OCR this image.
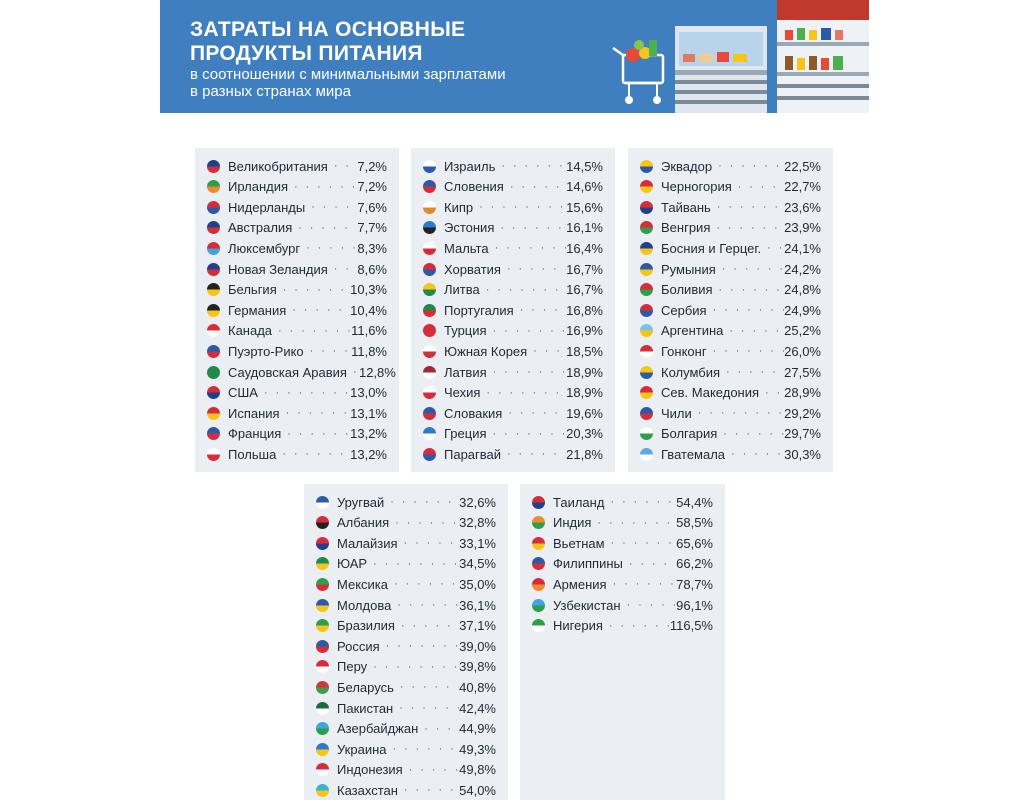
ЗАТРАТЫ НА ОСНОВНЫЕ
ПРОДУКТЫ ПИТАНИЯ
в соотношении с минимальными зарплатами
в разных странах мира
Великобритания · · · 7,2%
Ирландия · · ·	7,2%
Нидерланды · · ·	7,6%
Австралия · · ·	7,7%
Люксембург · · ·	8,3%
Новая Зеландия · · · 8,6%
Бельгия · · ·	10,3%
Германия · · ·	10,4%
Канада · · ·	11,6%
Пуэрто-Рико · · ·	11,8%
Саудовская Аравия · · · 12,8%
США · · ·	13,0%
Испания · · ·	13,1%
Франция · · ·	13,2%
Польша · · ·	13,2%
Израиль · · ·	14,5%
Словения · · ·	14,6%
Кипр · · ·	15,6%
Эстония · · ·	16,1%
Мальта · · ·	16,4%
Хорватия · · ·	16,7%
Литва · · ·	16,7%
Португалия · · ·	16,8%
Турция · · ·	16,9%
Южная Корея · · ·	18,5%
Латвия · · ·	18,9%
Чехия · · ·	18,9%
Словакия · · ·	19,6%
Греция · · ·	20,3%
Парагвай · · ·	21,8%
Эквадор · · ·	22,5%
Черногория · · ·	22,7%
Тайвань · · ·	23,6%
Венгрия · · ·	23,9%
Босния и Герцег. · · · 24,1%
Румыния · · ·	24,2%
Боливия · · ·	24,8%
Сербия · · ·	24,9%
Аргентина · · ·	25,2%
Гонконг · · ·	26,0%
Колумбия · · ·	27,5%
Сев. Македония · · · 28,9%
Чили · · ·	29,2%
Болгария · · ·	29,7%
Гватемала · · ·	30,3%
Уругвай · · ·	32,6%
Албания · · ·	32,8%
Малайзия · · ·	33,1%
ЮАР · · ·	34,5%
Мексика · · ·	35,0%
Молдова · · ·	36,1%
Бразилия · · ·	37,1%
Россия · · ·	39,0%
Перу · · ·	39,8%
Беларусь · · ·	40,8%
Пакистан · · ·	42,4%
Азербайджан · · ·	44,9%
Украина · · ·	49,3%
Индонезия · · ·	49,8%
Казахстан · · ·	54,0%
Таиланд · · ·	54,4%
Индия · · ·	58,5%
Вьетнам · · ·	65,6%
Филиппины · · ·	66,2%
Армения · · ·	78,7%
Узбекистан · · ·	96,1%
Нигерия · · ·	116,5%
